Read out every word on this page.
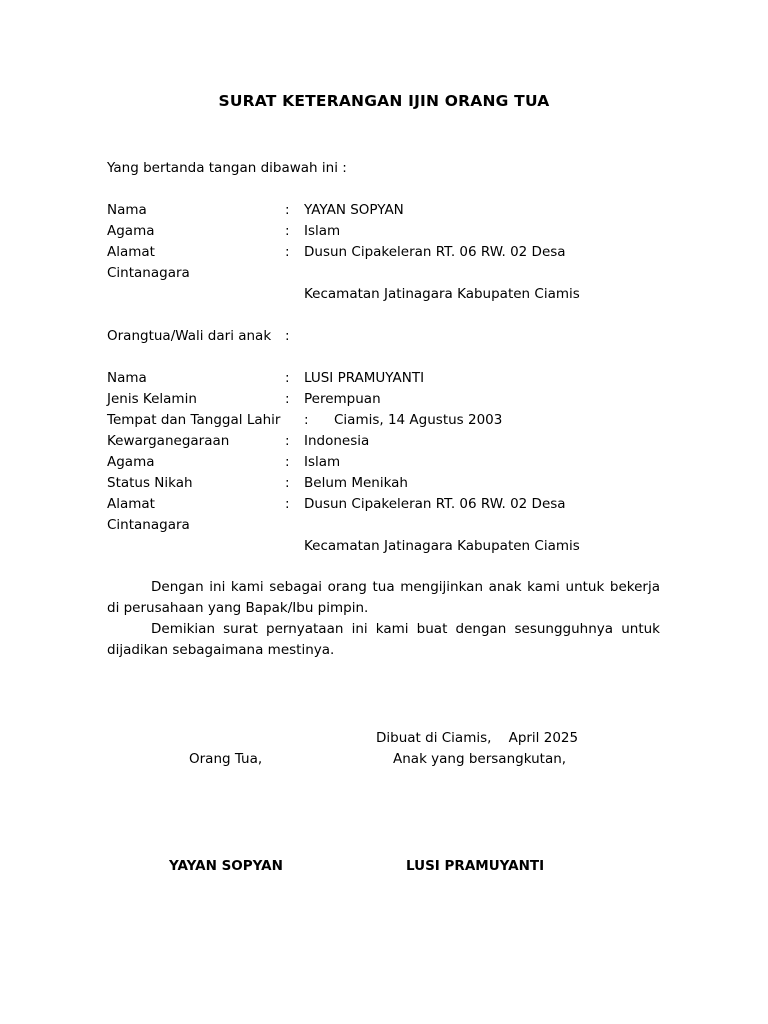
SURAT KETERANGAN IJIN ORANG TUA
Yang bertanda tangan dibawah ini :
Nama	: YAYAN SOPYAN
Agama	: Islam
Alamat	: Dusun Cipakeleran RT. 06 RW. 02 Desa
Cintanagara
Kecamatan Jatinagara Kabupaten Ciamis
Orangtua/Wali dari anak :
Nama	: LUSI PRAMUYANTI
Jenis Kelamin	: Perempuan
Tempat dan Tanggal Lahir : Ciamis, 14 Agustus 2003
Kewarganegaraan	: Indonesia
Agama	: Islam
Status Nikah	: Belum Menikah
Alamat	: Dusun Cipakeleran RT. 06 RW. 02 Desa
Cintanagara
Kecamatan Jatinagara Kabupaten Ciamis
Dengan ini kami sebagai orang tua mengijinkan anak kami untuk bekerja di perusahaan yang Bapak/Ibu pimpin.
Demikian surat pernyataan ini kami buat dengan sesungguhnya untuk dijadikan sebagaimana mestinya.
Dibuat di Ciamis,    April 2025
Orang Tua,	Anak yang bersangkutan,
YAYAN SOPYAN	LUSI PRAMUYANTI
